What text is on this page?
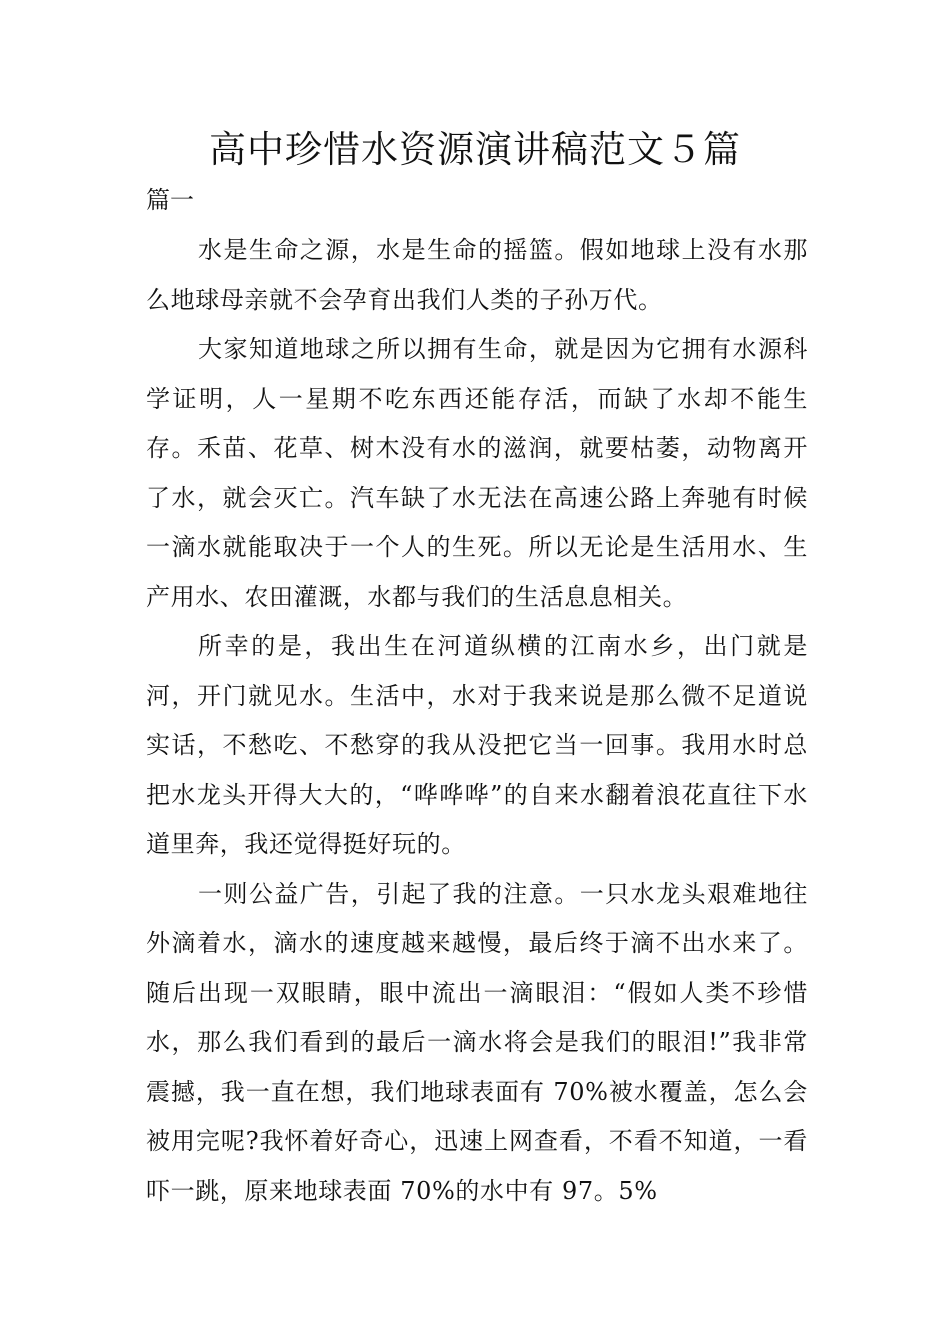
高中珍惜水资源演讲稿范文５篇

篇一

水是生命之源，水是生命的摇篮。假如地球上没有水那么地球母亲就不会孕育出我们人类的子孙万代。

大家知道地球之所以拥有生命，就是因为它拥有水源科学证明，人一星期不吃东西还能存活，而缺了水却不能生存。禾苗、花草、树木没有水的滋润，就要枯萎，动物离开了水，就会灭亡。汽车缺了水无法在高速公路上奔驰有时候一滴水就能取决于一个人的生死。所以无论是生活用水、生产用水、农田灌溉，水都与我们的生活息息相关。

所幸的是，我出生在河道纵横的江南水乡，出门就是河，开门就见水。生活中，水对于我来说是那么微不足道说实话，不愁吃、不愁穿的我从没把它当一回事。我用水时总把水龙头开得大大的，“哗哗哗”的自来水翻着浪花直往下水道里奔，我还觉得挺好玩的。

一则公益广告，引起了我的注意。一只水龙头艰难地往外滴着水，滴水的速度越来越慢，最后终于滴不出水来了。随后出现一双眼睛，眼中流出一滴眼泪：“假如人类不珍惜水，那么我们看到的最后一滴水将会是我们的眼泪!”我非常震撼，我一直在想，我们地球表面有 70%被水覆盖，怎么会被用完呢?我怀着好奇心，迅速上网查看，不看不知道，一看吓一跳，原来地球表面 70%的水中有 97。5%
